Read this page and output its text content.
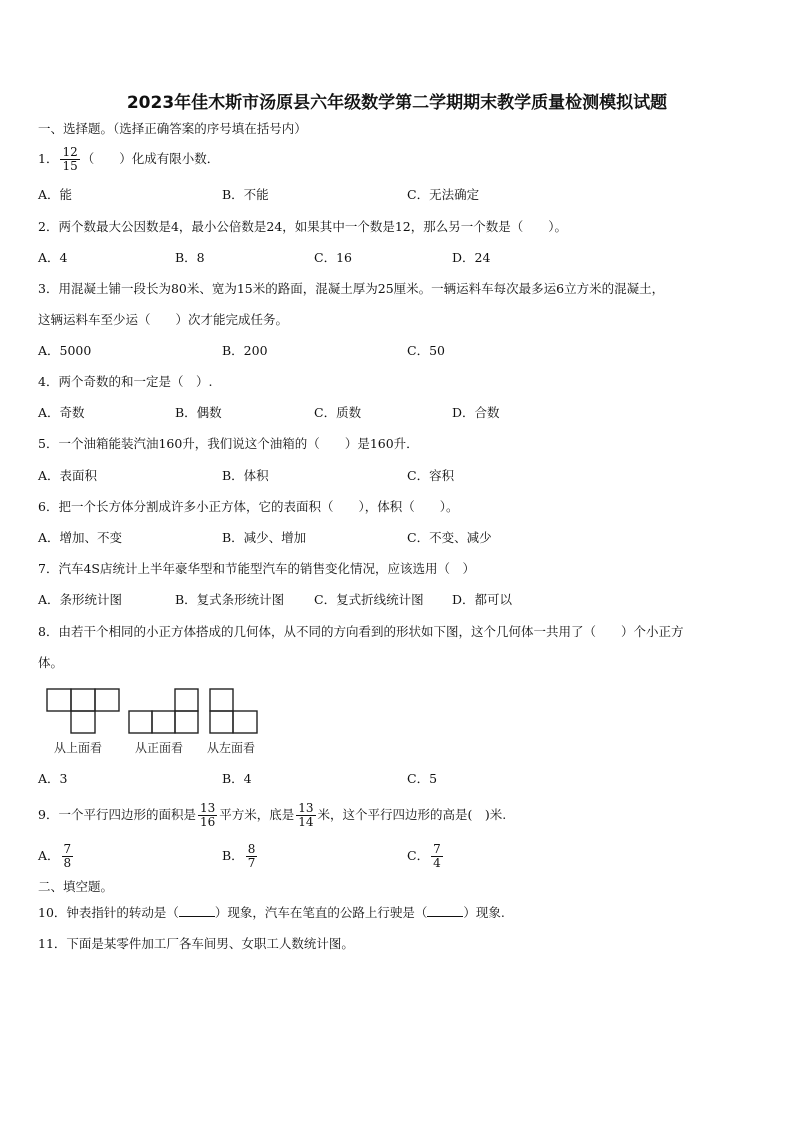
2023年佳木斯市汤原县六年级数学第二学期期末教学质量检测模拟试题
一、选择题。（选择正确答案的序号填在括号内）
1． $\frac{12}{15}$ （　　）化成有限小数．
A．能	B．不能	C．无法确定
2．两个数最大公因数是4，最小公倍数是24，如果其中一个数是12，那么另一个数是（　　）。
A．4	B．8	C．16	D．24
3．用混凝土铺一段长为80米、宽为15米的路面，混凝土厚为25厘米。一辆运料车每次最多运6立方米的混凝土，
这辆运料车至少运（　　）次才能完成任务。
A．5000	B．200	C．50
4．两个奇数的和一定是（　）.
A．奇数	B．偶数	C．质数	D．合数
5．一个油箱能装汽油160升，我们说这个油箱的（　　）是160升．
A．表面积	B．体积	C．容积
6．把一个长方体分割成许多小正方体，它的表面积（　　），体积（　　）。
A．增加、不变	B．减少、增加	C．不变、减少
7．汽车4S店统计上半年豪华型和节能型汽车的销售变化情况，应该选用（　）
A．条形统计图	B．复式条形统计图 C．复式折线统计图 D．都可以
8．由若干个相同的小正方体搭成的几何体，从不同的方向看到的形状如下图，这个几何体一共用了（　　）个小正方
体。
从上面看	从正面看 从左面看
A．3	B．4	C．5
9．一个平行四边形的面积是 $\frac{13}{16}$ 平方米，底是 $\frac{13}{14}$ 米，这个平行四边形的高是(　)米.
A． $\frac{7}{8}$	B． $\frac{8}{7}$	C． $\frac{7}{4}$
二、填空题。
10．钟表指针的转动是（	）现象，汽车在笔直的公路上行驶是（	）现象.
11．下面是某零件加工厂各车间男、女职工人数统计图。
